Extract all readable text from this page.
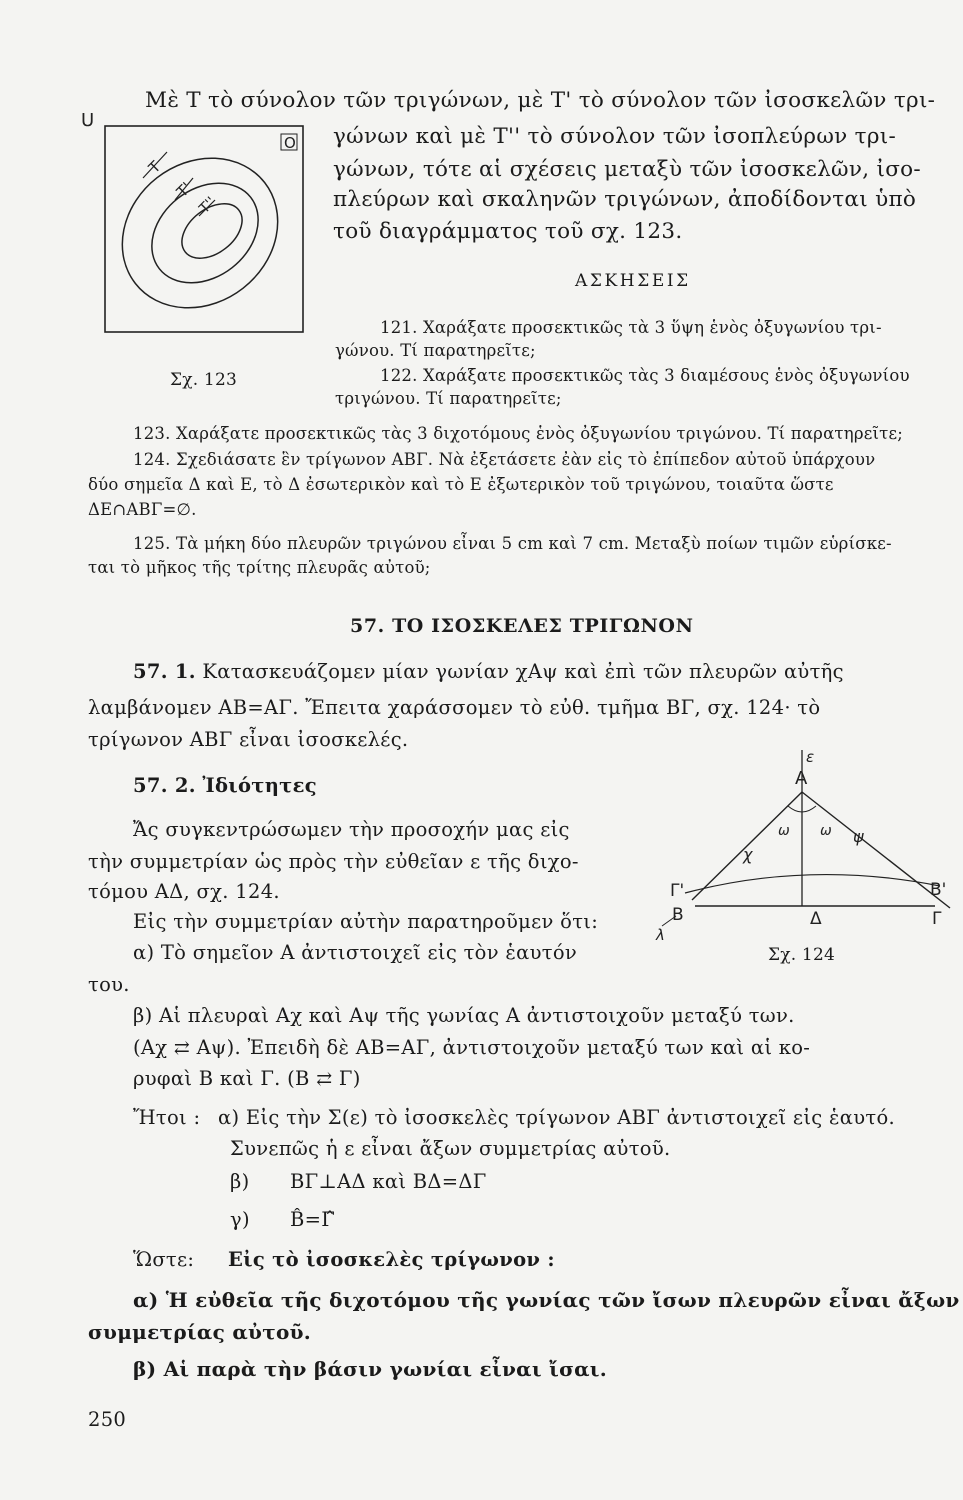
Μὲ Τ τὸ σύνολον τῶν τριγώνων, μὲ Τ' τὸ σύνολον τῶν ἰσοσκελῶν τρι-
γώνων καὶ μὲ Τ'' τὸ σύνολον τῶν ἰσοπλεύρων τρι-
γώνων, τότε αἱ σχέσεις μεταξὺ τῶν ἰσοσκελῶν, ἰσο-
πλεύρων καὶ σκαληνῶν τριγώνων, ἀποδίδονται ὑπὸ
τοῦ διαγράμματος τοῦ σχ. 123.
U
O
T
T'
T''
Σχ. 123
ΑΣΚΗΣΕΙΣ
121. Χαράξατε προσεκτικῶς τὰ 3 ὕψη ἑνὸς ὀξυγωνίου τρι-
γώνου. Τί παρατηρεῖτε;
122. Χαράξατε προσεκτικῶς τὰς 3 διαμέσους ἑνὸς ὀξυγωνίου
τριγώνου. Τί παρατηρεῖτε;
123. Χαράξατε προσεκτικῶς τὰς 3 διχοτόμους ἑνὸς ὀξυγωνίου τριγώνου. Τί παρατηρεῖτε;
124. Σχεδιάσατε ἓν τρίγωνον ΑΒΓ. Νὰ ἐξετάσετε ἐὰν εἰς τὸ ἐπίπεδον αὐτοῦ ὑπάρχουν
δύο σημεῖα Δ καὶ Ε, τὸ Δ ἐσωτερικὸν καὶ τὸ Ε ἐξωτερικὸν τοῦ τριγώνου, τοιαῦτα ὥστε
ΔΕ∩ΑΒΓ=∅.
125. Τὰ μήκη δύο πλευρῶν τριγώνου εἶναι 5 cm καὶ 7 cm. Μεταξὺ ποίων τιμῶν εὑρίσκε-
ται τὸ μῆκος τῆς τρίτης πλευρᾶς αὐτοῦ;
57. ΤΟ ΙΣΟΣΚΕΛΕΣ ΤΡΙΓΩΝΟΝ
57. 1. Κατασκευάζομεν μίαν γωνίαν χΑψ καὶ ἐπὶ τῶν πλευρῶν αὐτῆς
λαμβάνομεν ΑΒ=ΑΓ. Ἔπειτα χαράσσομεν τὸ εὐθ. τμῆμα ΒΓ, σχ. 124· τὸ
τρίγωνον ΑΒΓ εἶναι ἰσοσκελές.
57. 2. Ἰδιότητες
Ἄς συγκεντρώσωμεν τὴν προσοχήν μας εἰς
τὴν συμμετρίαν ὡς πρὸς τὴν εὐθεῖαν ε τῆς διχο-
τόμου ΑΔ, σχ. 124.
Εἰς τὴν συμμετρίαν αὐτὴν παρατηροῦμεν ὅτι:
α) Τὸ σημεῖον Α ἀντιστοιχεῖ εἰς τὸν ἑαυτόν
του.
ε
ω ω
χ
ψ
Α
Γ'
Β
Β'
Γ
Δ
λ
Σχ. 124
β) Αἱ πλευραὶ Αχ καὶ Αψ τῆς γωνίας Α ἀντιστοιχοῦν μεταξύ των.
(Αχ ⇄ Αψ). Ἐπειδὴ δὲ ΑΒ=ΑΓ, ἀντιστοιχοῦν μεταξύ των καὶ αἱ κο-
ρυφαὶ Β καὶ Γ. (Β ⇄ Γ)
Ἤτοι : α) Εἰς τὴν Σ(ε) τὸ ἰσοσκελὲς τρίγωνον ΑΒΓ ἀντιστοιχεῖ εἰς ἑαυτό.
Συνεπῶς ἡ ε εἶναι ἄξων συμμετρίας αὐτοῦ.
β) ΒΓ⊥ΑΔ καὶ ΒΔ=ΔΓ
γ) B̂=Γ̂
Ὥστε: Εἰς τὸ ἰσοσκελὲς τρίγωνον :
α) Ἡ εὐθεῖα τῆς διχοτόμου τῆς γωνίας τῶν ἴσων πλευρῶν εἶναι ἄξων
συμμετρίας αὐτοῦ.
β) Αἱ παρὰ τὴν βάσιν γωνίαι εἶναι ἴσαι.
250
